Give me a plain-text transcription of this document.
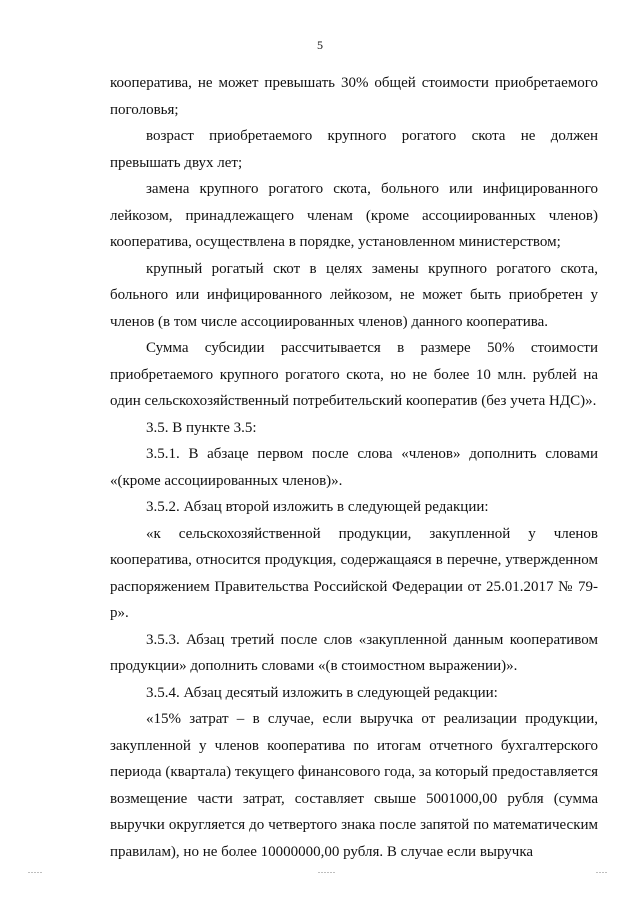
5

кооператива, не может превышать 30% общей стоимости приобретаемого поголовья;

возраст приобретаемого крупного рогатого скота не должен превышать двух лет;

замена крупного рогатого скота, больного или инфицированного лейкозом, принадлежащего членам (кроме ассоциированных членов) кооператива, осуществлена в порядке, установленном министерством;

крупный рогатый скот в целях замены крупного рогатого скота, больного или инфицированного лейкозом, не может быть приобретен у членов (в том числе ассоциированных членов) данного кооператива.

Сумма субсидии рассчитывается в размере 50% стоимости приобретаемого крупного рогатого скота, но не более 10 млн. рублей на один сельскохозяйственный потребительский кооператив (без учета НДС)».

3.5. В пункте 3.5:

3.5.1. В абзаце первом после слова «членов» дополнить словами «(кроме ассоциированных членов)».

3.5.2. Абзац второй изложить в следующей редакции:

«к сельскохозяйственной продукции, закупленной у членов кооператива, относится продукция, содержащаяся в перечне, утвержденном распоряжением Правительства Российской Федерации от 25.01.2017 № 79-р».

3.5.3. Абзац третий после слов «закупленной данным кооперативом продукции» дополнить словами «(в стоимостном выражении)».

3.5.4. Абзац десятый изложить в следующей редакции:

«15% затрат – в случае, если выручка от реализации продукции, закупленной у членов кооператива по итогам отчетного бухгалтерского периода (квартала) текущего финансового года, за который предоставляется возмещение части затрат, составляет свыше 5001000,00 рубля (сумма выручки округляется до четвертого знака после запятой по математическим правилам), но не более 10000000,00 рубля. В случае если выручка

.....	......	....
